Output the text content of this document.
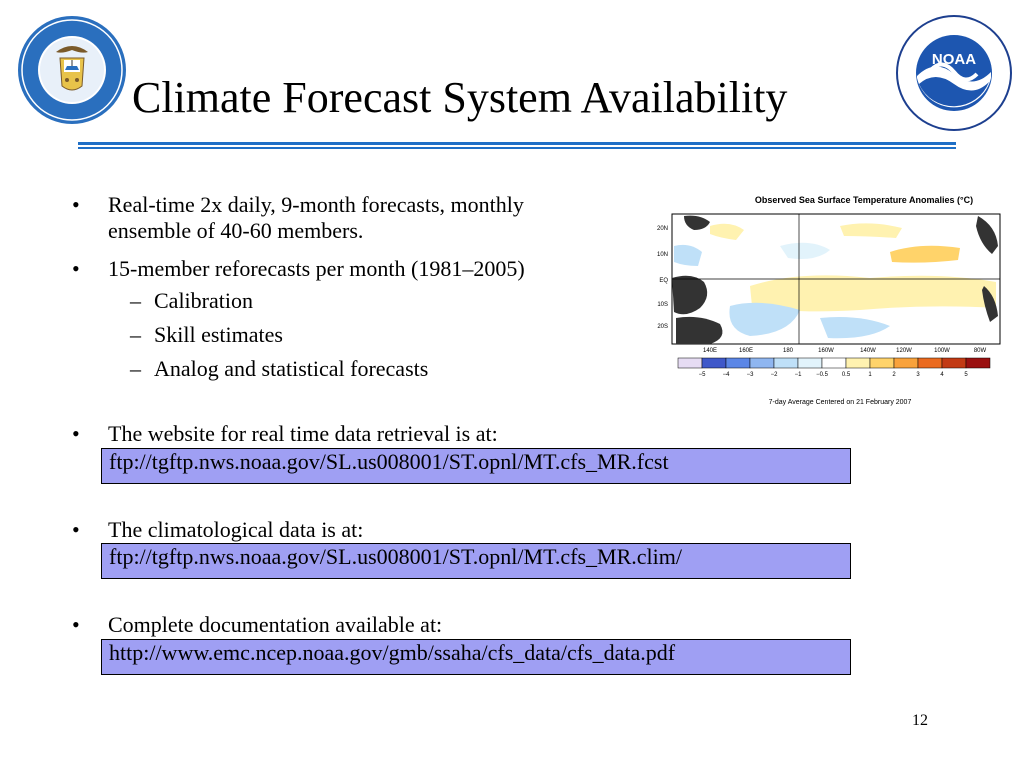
NOAA
Climate Forecast System Availability
•	Real-time 2x daily, 9-month forecasts, monthly
ensemble of 40-60 members.
•	15-member reforecasts per month (1981–2005)
– Calibration
– Skill estimates
– Analog and statistical forecasts
•	The website for real time data retrieval is at:
ftp://tgftp.nws.noaa.gov/SL.us008001/ST.opnl/MT.cfs_MR.fcst
•	The climatological data is at:
ftp://tgftp.nws.noaa.gov/SL.us008001/ST.opnl/MT.cfs_MR.clim/
•	Complete documentation available at:
http://www.emc.ncep.noaa.gov/gmb/ssaha/cfs_data/cfs_data.pdf
Observed Sea Surface Temperature Anomalies (°C)
20N
10N
EQ
10S
20S
140E	160E	180	160W	140W	120W	100W	80W
−5	−4	−3	−2	−1 −0.5 0.5	1	2	3	4	5
7-day Average Centered on 21 February 2007
12
